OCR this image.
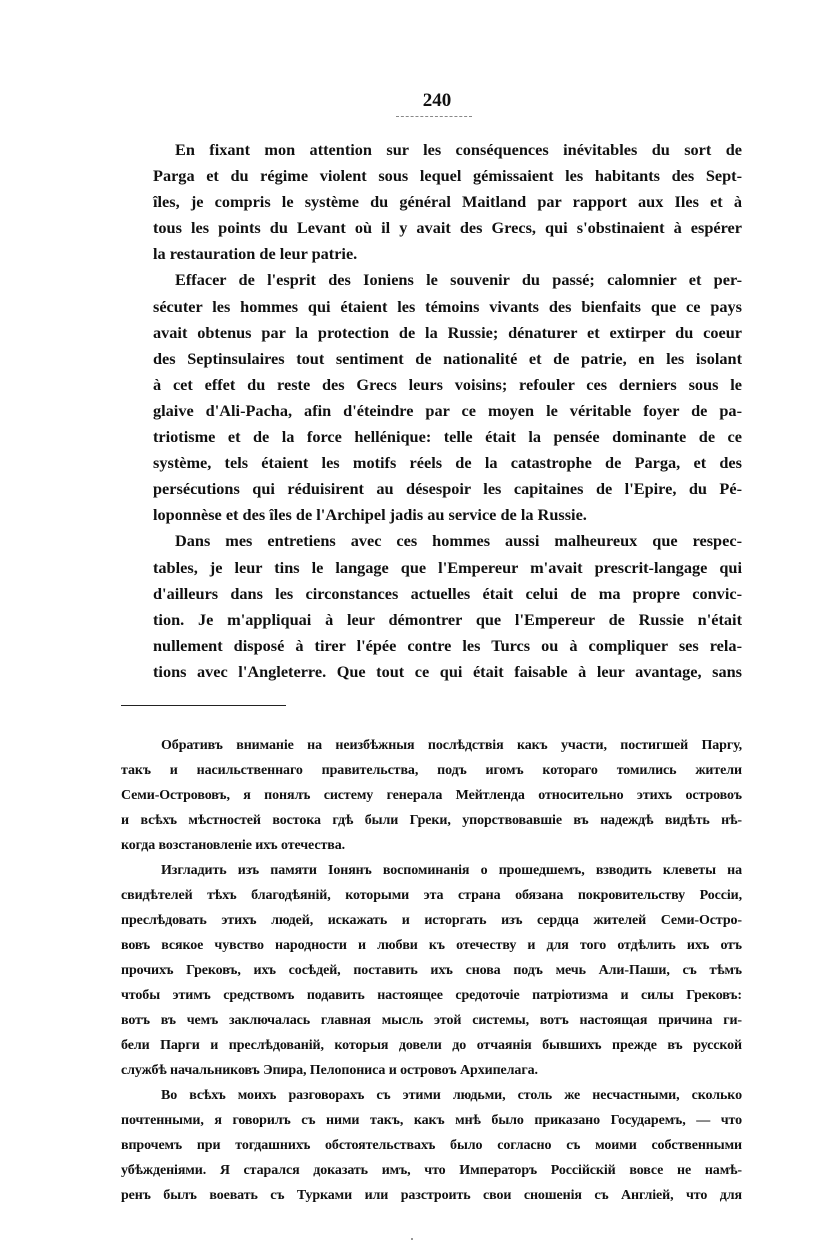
240
En fixant mon attention sur les conséquences inévitables du sort de
Parga et du régime violent sous lequel gémissaient les habitants des Sept-
îles, je compris le système du général Maitland par rapport aux Iles et à
tous les points du Levant où il y avait des Grecs, qui s'obstinaient à espérer
la restauration de leur patrie.
Effacer de l'esprit des Ioniens le souvenir du passé; calomnier et per-
sécuter les hommes qui étaient les témoins vivants des bienfaits que ce pays
avait obtenus par la protection de la Russie; dénaturer et extirper du coeur
des Septinsulaires tout sentiment de nationalité et de patrie, en les isolant
à cet effet du reste des Grecs leurs voisins; refouler ces derniers sous le
glaive d'Ali-Pacha, afin d'éteindre par ce moyen le véritable foyer de pa-
triotisme et de la force hellénique: telle était la pensée dominante de ce
système, tels étaient les motifs réels de la catastrophe de Parga, et des
persécutions qui réduisirent au désespoir les capitaines de l'Epire, du Pé-
loponnèse et des îles de l'Archipel jadis au service de la Russie.
Dans mes entretiens avec ces hommes aussi malheureux que respec-
tables, je leur tins le langage que l'Empereur m'avait prescrit-langage qui
d'ailleurs dans les circonstances actuelles était celui de ma propre convic-
tion. Je m'appliquai à leur démontrer que l'Empereur de Russie n'était
nullement disposé à tirer l'épée contre les Turcs ou à compliquer ses rela-
tions avec l'Angleterre. Que tout ce qui était faisable à leur avantage, sans
Обративъ вниманіе на неизбѣжныя послѣдствія какъ участи, постигшей Паргу,
такъ и насильственнаго правительства, подъ игомъ котораго томились жители
Семи-Острововъ, я понялъ систему генерала Мейтленда относительно этихъ островоъ
и всѣхъ мѣстностей востока гдѣ были Греки, упорствовавшіе въ надеждѣ видѣть нѣ-
когда возстановленіе ихъ отечества.
Изгладить изъ памяти Іонянъ воспоминанія о прошедшемъ, взводить клеветы на
свидѣтелей тѣхъ благодѣяній, которыми эта страна обязана покровительству Россіи,
преслѣдовать этихъ людей, искажать и исторгать изъ сердца жителей Семи-Остро-
вовъ всякое чувство народности и любви къ отечеству и для того отдѣлить ихъ отъ
прочихъ Грековъ, ихъ сосѣдей, поставить ихъ снова подъ мечь Али-Паши, съ тѣмъ
чтобы этимъ средствомъ подавить настоящее средоточіе патріотизма и силы Грековъ:
вотъ въ чемъ заключалась главная мысль этой системы, вотъ настоящая причина ги-
бели Парги и преслѣдованій, которыя довели до отчаянія бывшихъ прежде въ русской
службѣ начальниковъ Эпира, Пелопониса и островоъ Архипелага.
Во всѣхъ моихъ разговорахъ съ этими людьми, столь же несчастными, сколько
почтенными, я говорилъ съ ними такъ, какъ мнѣ было приказано Государемъ, — что
впрочемъ при тогдашнихъ обстоятельствахъ было согласно съ моими собственными
убѣжденіями. Я старался доказать имъ, что Императоръ Россійскій вовсе не намѣ-
ренъ былъ воевать съ Турками или разстроить свои сношенія съ Англіей, что для
